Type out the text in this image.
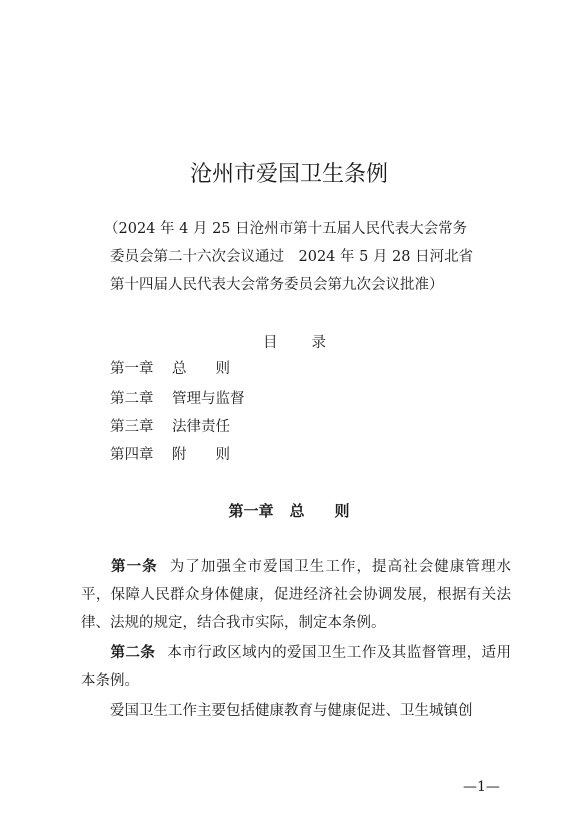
沧州市爱国卫生条例
（2024 年 4 月 25 日沧州市第十五届人民代表大会常务
委员会第二十六次会议通过　2024 年 5 月 28 日河北省
第十四届人民代表大会常务委员会第九次会议批准）
目录
第一章 总则
第二章 管理与监督
第三章 法律责任
第四章 附则
第一章 总则
第一条 为了加强全市爱国卫生工作，提高社会健康管理水平，保障人民群众身体健康，促进经济社会协调发展，根据有关法律、法规的规定，结合我市实际，制定本条例。
第二条 本市行政区域内的爱国卫生工作及其监督管理，适用本条例。
爱国卫生工作主要包括健康教育与健康促进、卫生城镇创
—1—
